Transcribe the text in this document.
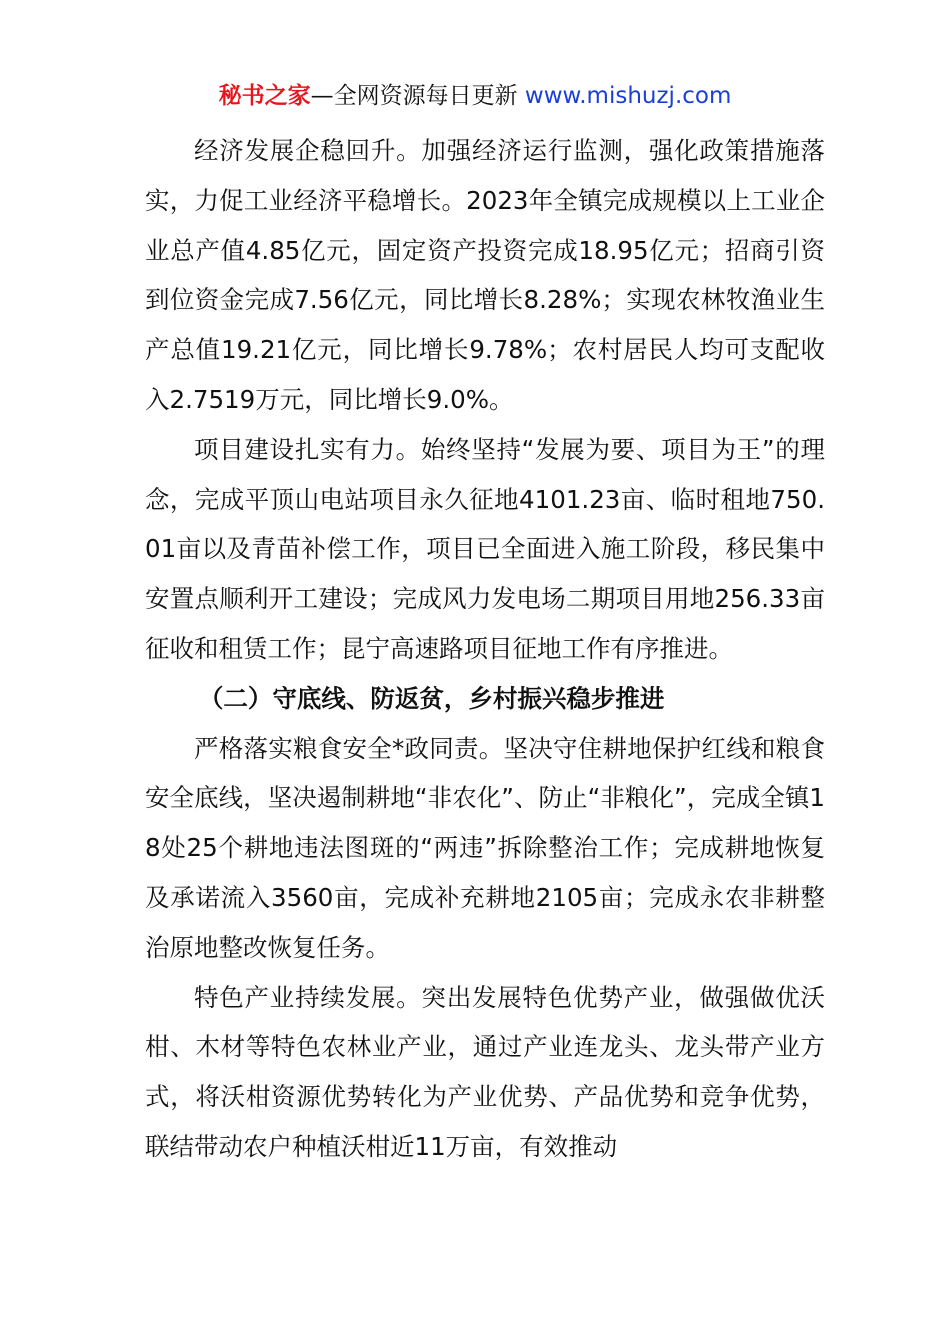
秘书之家—全网资源每日更新 www.mishuzj.com

经济发展企稳回升。加强经济运行监测，强化政策措施落实，力促工业经济平稳增长。2023年全镇完成规模以上工业企业总产值4.85亿元，固定资产投资完成18.95亿元；招商引资到位资金完成7.56亿元，同比增长8.28%；实现农林牧渔业生产总值19.21亿元，同比增长9.78%；农村居民人均可支配收入2.7519万元，同比增长9.0%。

项目建设扎实有力。始终坚持“发展为要、项目为王”的理念，完成平顶山电站项目永久征地4101.23亩、临时租地750.01亩以及青苗补偿工作，项目已全面进入施工阶段，移民集中安置点顺利开工建设；完成风力发电场二期项目用地256.33亩征收和租赁工作；昆宁高速路项目征地工作有序推进。

（二）守底线、防返贫，乡村振兴稳步推进

严格落实粮食安全*政同责。坚决守住耕地保护红线和粮食安全底线，坚决遏制耕地“非农化”、防止“非粮化”，完成全镇18处25个耕地违法图斑的“两违”拆除整治工作；完成耕地恢复及承诺流入3560亩，完成补充耕地2105亩；完成永农非耕整治原地整改恢复任务。

特色产业持续发展。突出发展特色优势产业，做强做优沃柑、木材等特色农林业产业，通过产业连龙头、龙头带产业方式，将沃柑资源优势转化为产业优势、产品优势和竞争优势，联结带动农户种植沃柑近11万亩，有效推动
